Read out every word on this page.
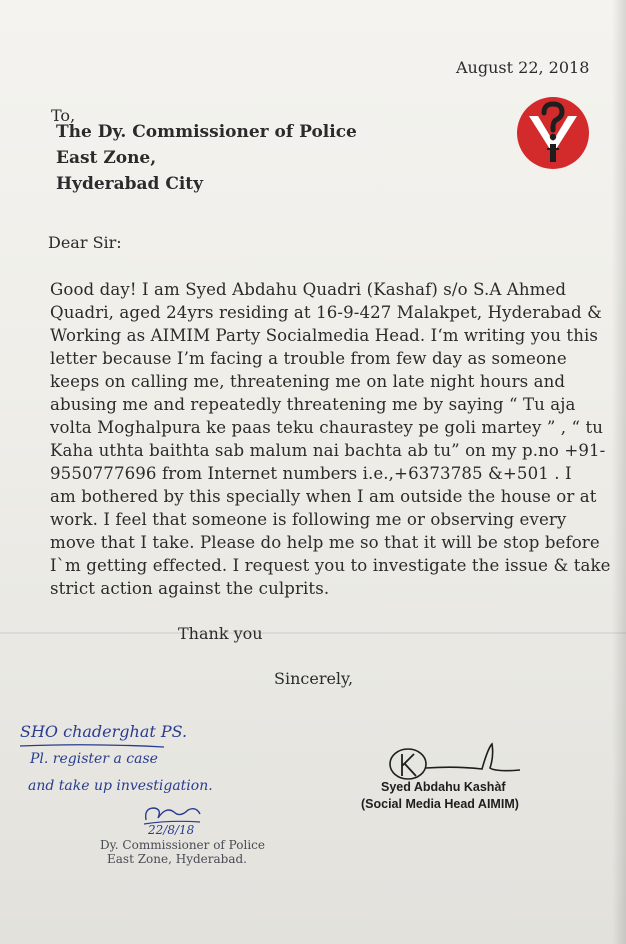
August 22, 2018
To,
The Dy. Commissioner of Police
East Zone,
Hyderabad City
Dear Sir:
Good day! I am Syed Abdahu Quadri (Kashaf) s/o S.A Ahmed
Quadri, aged 24yrs residing at 16-9-427 Malakpet, Hyderabad &
Working as AIMIM Party Socialmedia Head. I‘m writing you this
letter because I’m facing a trouble from few day as someone
keeps on calling me, threatening me on late night hours and
abusing me and repeatedly threatening me by saying “ Tu aja
volta Moghalpura ke paas teku chaurastey pe goli martey ” , “ tu
Kaha uthta baithta sab malum nai bachta ab tu” on my p.no +91-
9550777696 from Internet numbers i.e.,+6373785 &+501 . I
am bothered by this specially when I am outside the house or at
work. I feel that someone is following me or observing every
move that I take. Please do help me so that it will be stop before
I`m getting effected. I request you to investigate the issue & take
strict action against the culprits.
Thank you
Sincerely,
Syed Abdahu Kashàf
(Social Media Head AIMIM)
SHO chaderghat PS.
Pl. register a case
and take up investigation.
22/8/18
Dy. Commissioner of Police
East Zone, Hyderabad.
